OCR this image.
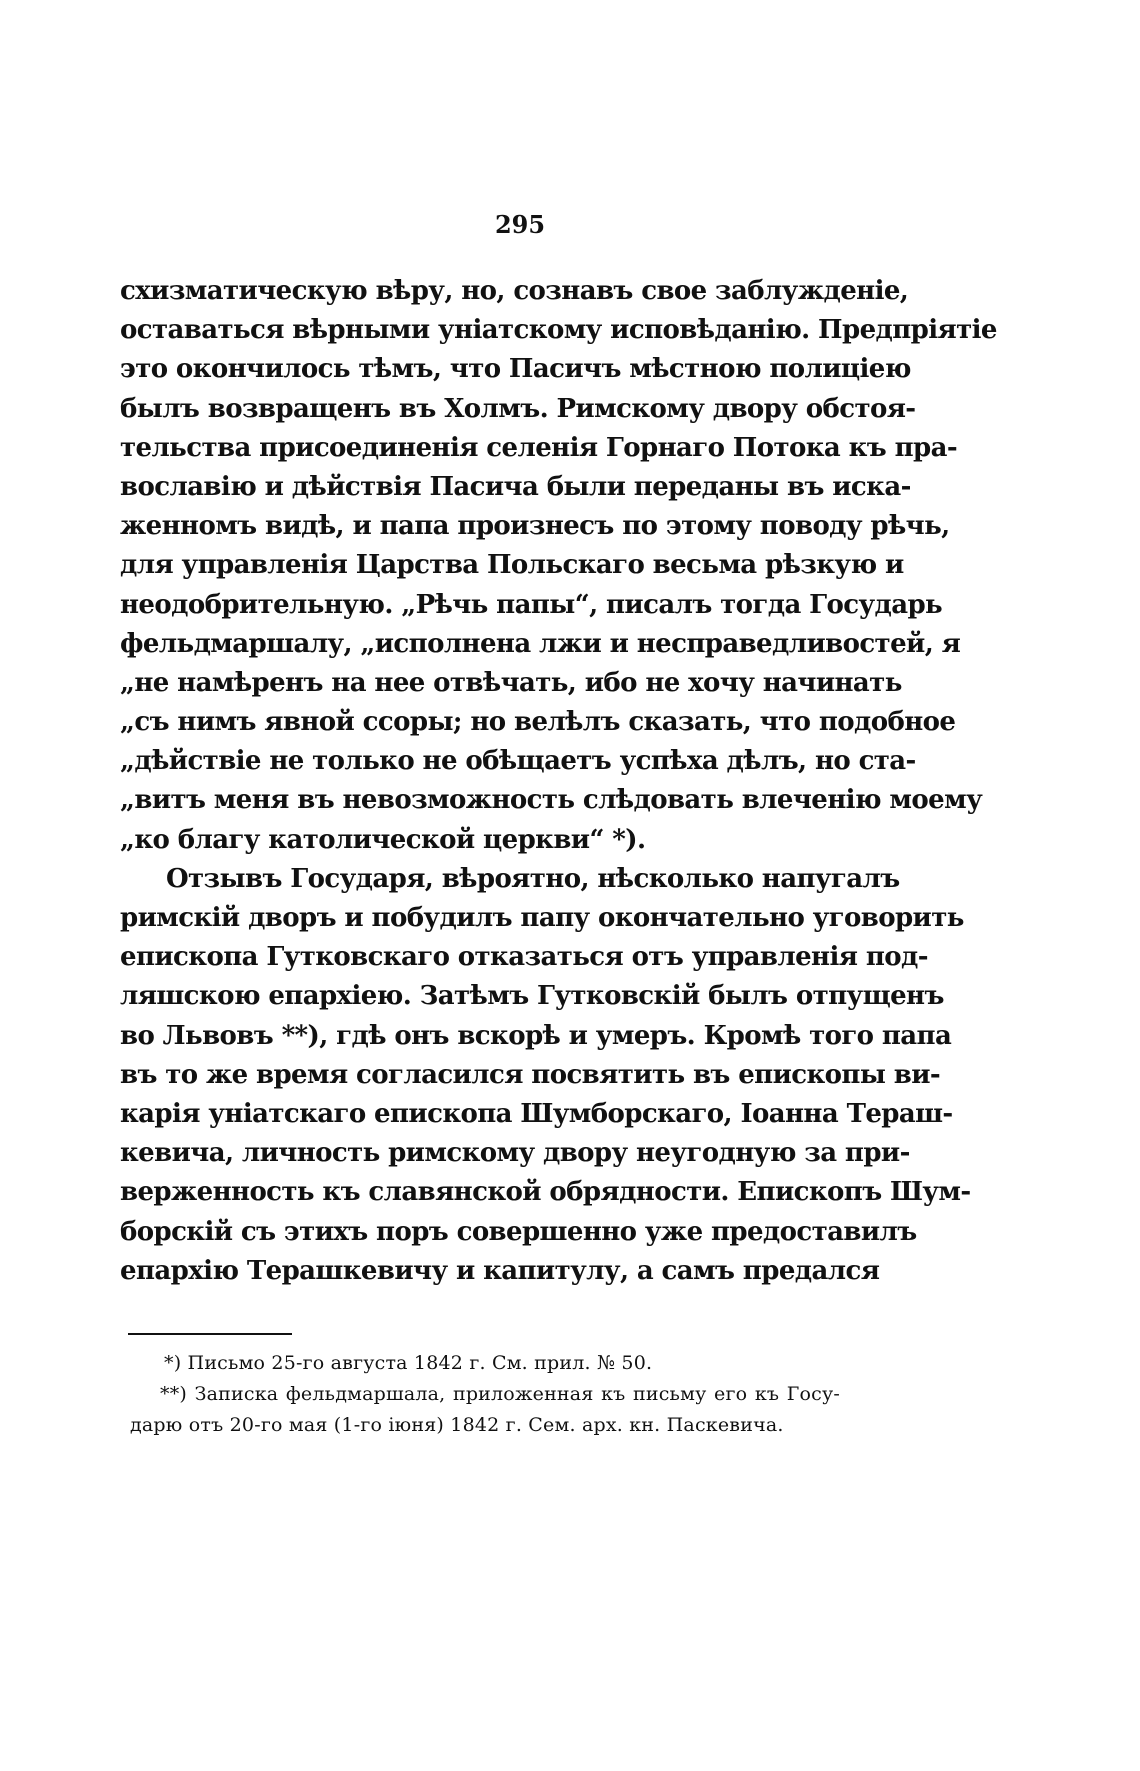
295
схизматическую вѣру, но, сознавъ свое заблужденіе,
оставаться вѣрными уніатскому исповѣданію. Предпріятіе
это окончилось тѣмъ, что Пасичъ мѣстною полиціею
былъ возвращенъ въ Холмъ. Римскому двору обстоя-
тельства присоединенія селенія Горнаго Потока къ пра-
вославію и дѣйствія Пасича были переданы въ иска-
женномъ видѣ, и папа произнесъ по этому поводу рѣчь,
для управленія Царства Польскаго весьма рѣзкую и
неодобрительную. „Рѣчь папы“, писалъ тогда Государь
фельдмаршалу, „исполнена лжи и несправедливостей, я
„не намѣренъ на нее отвѣчать, ибо не хочу начинать
„съ нимъ явной ссоры; но велѣлъ сказать, что подобное
„дѣйствіе не только не обѣщаетъ успѣха дѣлъ, но ста-
„витъ меня въ невозможность слѣдовать влеченію моему
„ко благу католической церкви“ *).
Отзывъ Государя, вѣроятно, нѣсколько напугалъ
римскій дворъ и побудилъ папу окончательно уговорить
епископа Гутковскаго отказаться отъ управленія под-
ляшскою епархіею. Затѣмъ Гутковскій былъ отпущенъ
во Львовъ **), гдѣ онъ вскорѣ и умеръ. Кромѣ того папа
въ то же время согласился посвятить въ епископы ви-
карія уніатскаго епископа Шумборскаго, Іоанна Терaш-
кевича, личность римскому двору неугодную за при-
верженность къ славянской обрядности. Епископъ Шум-
борскій съ этихъ поръ совершенно уже предоставилъ
епархію Терашкевичу и капитулу, а самъ предался
*) Письмо 25-го августа 1842 г. См. прил. № 50.
**) Записка фельдмаршала, приложенная къ письму его къ Госу-
дарю отъ 20-го мая (1-го іюня) 1842 г. Сем. арх. кн. Паскевича.
